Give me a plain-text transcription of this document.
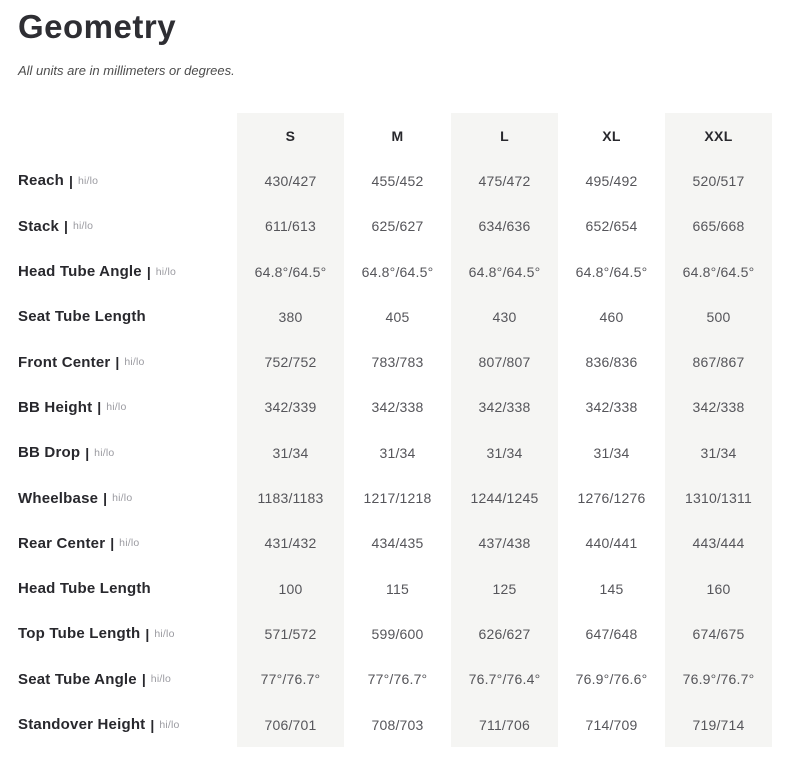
Geometry

All units are in millimeters or degrees.

S	M	L	XL	XXL
Reach | hi/lo	430/427	455/452	475/472	495/492	520/517
Stack | hi/lo	611/613	625/627	634/636	652/654	665/668
Head Tube Angle | hi/lo	64.8°/64.5°	64.8°/64.5°	64.8°/64.5°	64.8°/64.5°	64.8°/64.5°
Seat Tube Length	380	405	430	460	500
Front Center | hi/lo	752/752	783/783	807/807	836/836	867/867
BB Height | hi/lo	342/339	342/338	342/338	342/338	342/338
BB Drop | hi/lo	31/34	31/34	31/34	31/34	31/34
Wheelbase | hi/lo	1183/1183	1217/1218	1244/1245	1276/1276	1310/1311
Rear Center | hi/lo	431/432	434/435	437/438	440/441	443/444
Head Tube Length	100	115	125	145	160
Top Tube Length | hi/lo	571/572	599/600	626/627	647/648	674/675
Seat Tube Angle | hi/lo	77°/76.7°	77°/76.7°	76.7°/76.4°	76.9°/76.6°	76.9°/76.7°
Standover Height | hi/lo	706/701	708/703	711/706	714/709	719/714
